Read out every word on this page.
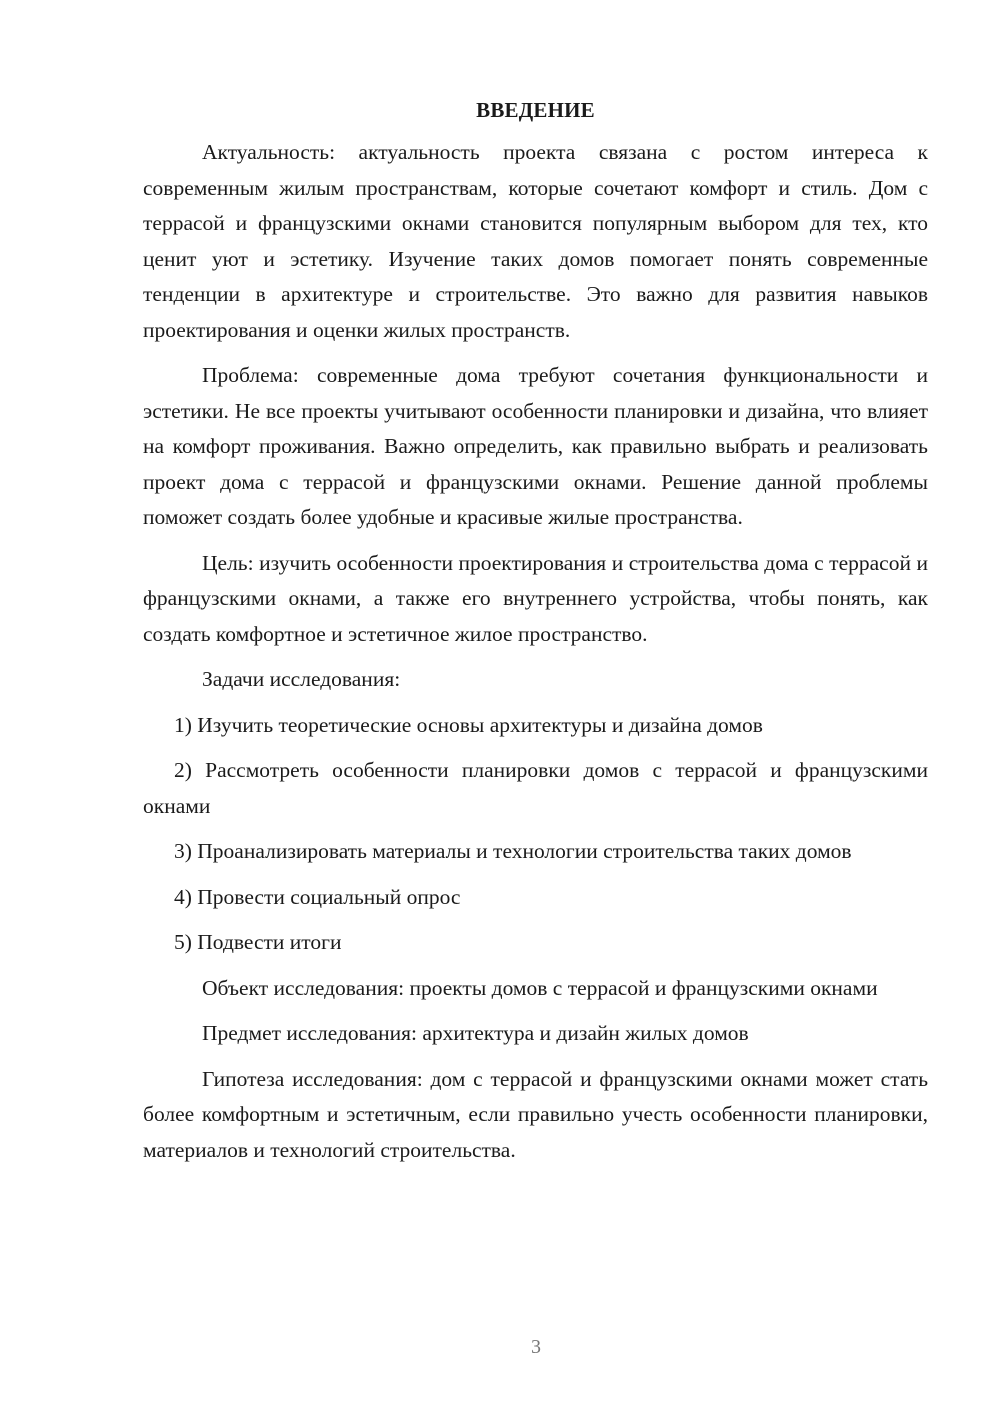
ВВЕДЕНИЕ

Актуальность: актуальность проекта связана с ростом интереса к современным жилым пространствам, которые сочетают комфорт и стиль. Дом с террасой и французскими окнами становится популярным выбором для тех, кто ценит уют и эстетику. Изучение таких домов помогает понять современные тенденции в архитектуре и строительстве. Это важно для развития навыков проектирования и оценки жилых пространств.

Проблема: современные дома требуют сочетания функциональности и эстетики. Не все проекты учитывают особенности планировки и дизайна, что влияет на комфорт проживания. Важно определить, как правильно выбрать и реализовать проект дома с террасой и французскими окнами. Решение данной проблемы поможет создать более удобные и красивые жилые пространства.

Цель: изучить особенности проектирования и строительства дома с террасой и французскими окнами, а также его внутреннего устройства, чтобы понять, как создать комфортное и эстетичное жилое пространство.

Задачи исследования:

1) Изучить теоретические основы архитектуры и дизайна домов

2) Рассмотреть особенности планировки домов с террасой и французскими окнами

3) Проанализировать материалы и технологии строительства таких домов

4) Провести социальный опрос

5) Подвести итоги

Объект исследования: проекты домов с террасой и французскими окнами

Предмет исследования: архитектура и дизайн жилых домов

Гипотеза исследования: дом с террасой и французскими окнами может стать более комфортным и эстетичным, если правильно учесть особенности планировки, материалов и технологий строительства.

3
